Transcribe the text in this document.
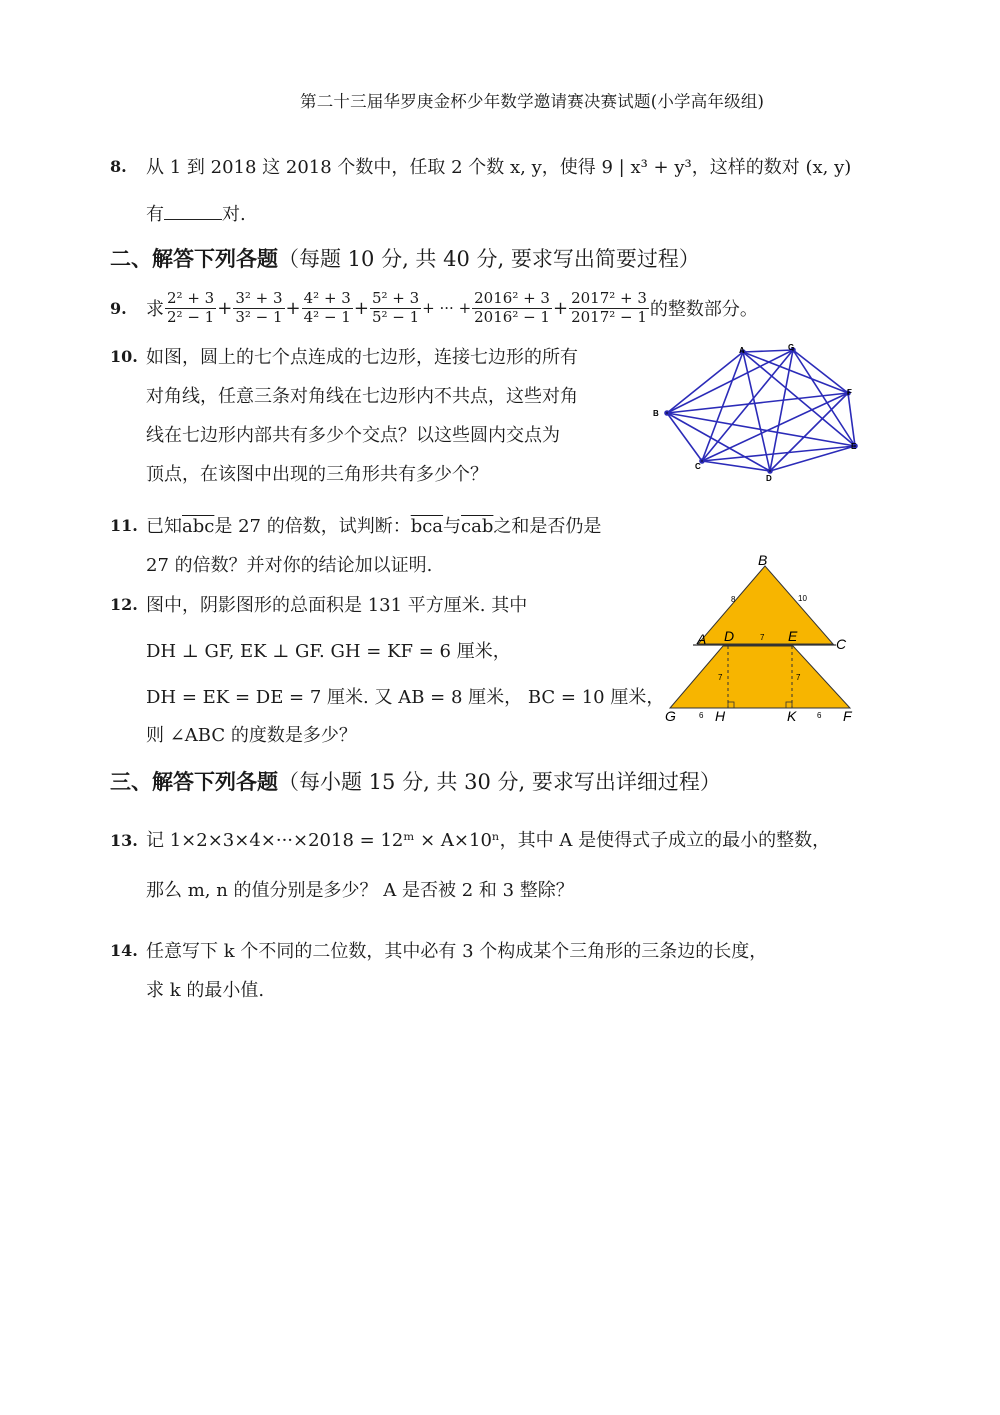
第二十三届华罗庚金杯少年数学邀请赛决赛试题(小学高年级组)
8. 从 1 到 2018 这 2018 个数中，任取 2 个数 x, y，使得 9 | x³ + y³，这样的数对 (x, y)
有	对.
二、解答下列各题（每题 10 分, 共 40 分, 要求写出简要过程）
9. 求 $\frac{\text{2² + 3}}{\text{2² − 1}} + \frac{\text{3² + 3}}{\text{3² − 1}} + \frac{\text{4² + 3}}{\text{4² − 1}} + \frac{\text{5² + 3}}{\text{5² − 1}}$ + ··· + $\frac{\text{2016² + 3}}{\text{2016² − 1}} + \frac{\text{2017² + 3}}{\text{2017² − 1}}$ 的整数部分。
10. 如图，圆上的七个点连成的七边形，连接七边形的所有
对角线，任意三条对角线在七边形内不共点，这些对角
线在七边形内部共有多少个交点？以这些圆内交点为
顶点，在该图中出现的三角形共有多少个？
A	G
F
E
D
C
B
11. 已知$\overline{abc}$是 27 的倍数，试判断：$\overline{bca}$与$\overline{cab}$之和是否仍是
27 的倍数？并对你的结论加以证明.
12. 图中，阴影图形的总面积是 131 平方厘米. 其中
DH ⊥ GF, EK ⊥ GF. GH = KF = 6 厘米，
DH = EK = DE = 7 厘米. 又 AB = 8 厘米， BC = 10 厘米，
则 ∠ABC 的度数是多少？
B
A D	E	C
G	H	K	F
8	10
7
7	7
6	6
三、解答下列各题（每小题 15 分, 共 30 分, 要求写出详细过程）
13. 记 1×2×3×4×···×2018 = 12ᵐ × A×10ⁿ，其中 A 是使得式子成立的最小的整数，
那么 m, n 的值分别是多少？ A 是否被 2 和 3 整除？
14. 任意写下 k 个不同的二位数，其中必有 3 个构成某个三角形的三条边的长度，
求 k 的最小值.
